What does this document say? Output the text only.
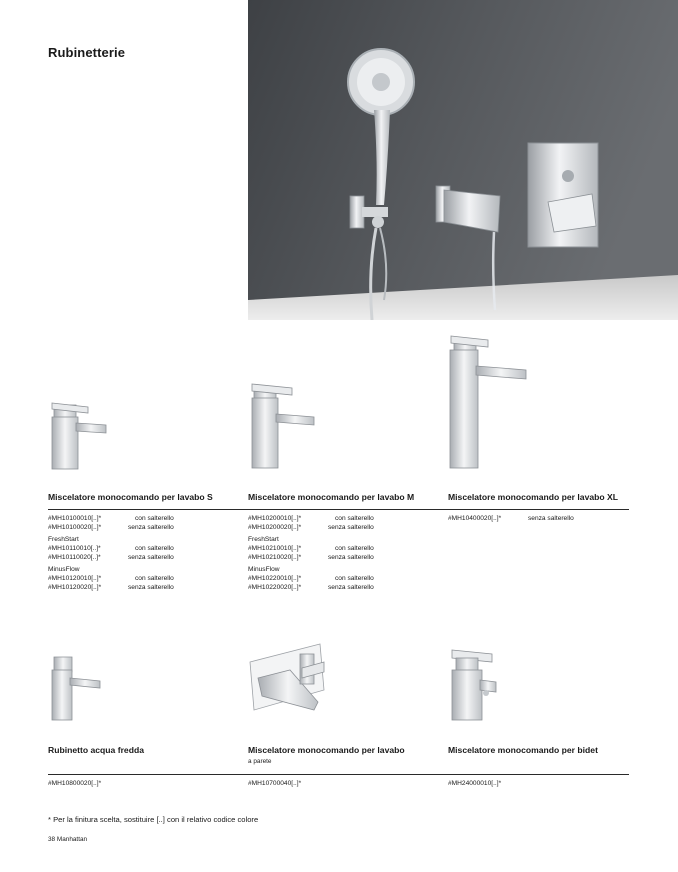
Rubinetterie
Miscelatore monocomando per lavabo S
#MH10100010[..]*	con salterello
#MH10100020[..]*	senza salterello
FreshStart
#MH10110010[..]*	con salterello
#MH10110020[..]*	senza salterello
MinusFlow
#MH10120010[..]*	con salterello
#MH10120020[..]*	senza salterello
Miscelatore monocomando per lavabo M
#MH10200010[..]*	con salterello
#MH10200020[..]*	senza salterello
FreshStart
#MH10210010[..]*	con salterello
#MH10210020[..]*	senza salterello
MinusFlow
#MH10220010[..]*	con salterello
#MH10220020[..]*	senza salterello
Miscelatore monocomando per lavabo XL
#MH10400020[..]*	senza salterello
Rubinetto acqua fredda
#MH10800020[..]*
Miscelatore monocomando per lavabo
a parete
#MH10700040[..]*
Miscelatore monocomando per bidet
#MH24000010[..]*
* Per la finitura scelta, sostituire [..] con il relativo codice colore
38 Manhattan
